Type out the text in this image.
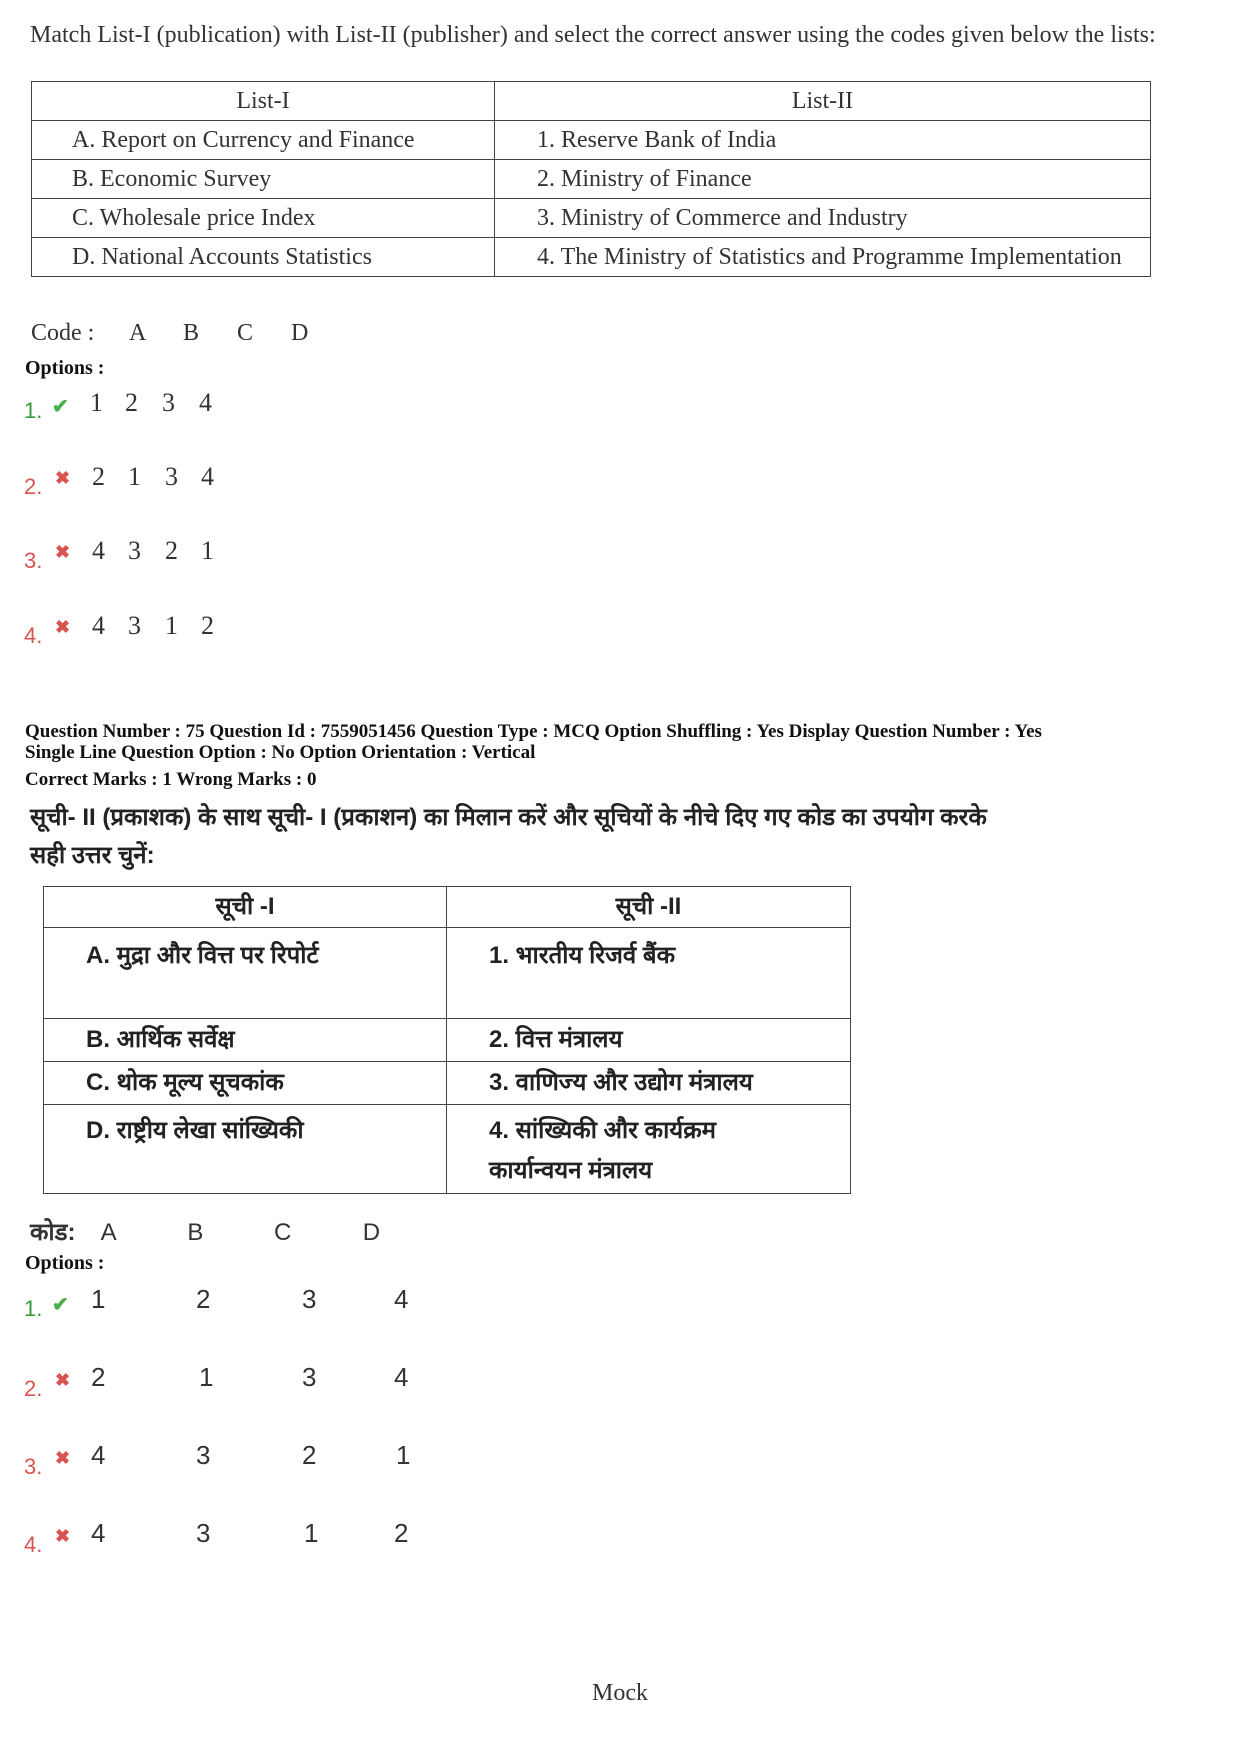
Match List-I (publication) with List-II (publisher) and select the correct answer using the codes given below the lists:
List-I	List-II
A. Report on Currency and Finance	1. Reserve Bank of India
B. Economic Survey	2. Ministry of Finance
C. Wholesale price Index	3. Ministry of Commerce and Industry
D. National Accounts Statistics	4. The Ministry of Statistics and Programme Implementation
Code : A B C D
Options :
1. ✔ 1 2 3 4
2. ✖ 2 1 3 4
3. ✖ 4 3 2 1
4. ✖ 4 3 1 2
Question Number : 75 Question Id : 7559051456 Question Type : MCQ Option Shuffling : Yes Display Question Number : Yes
Single Line Question Option : No Option Orientation : Vertical
Correct Marks : 1 Wrong Marks : 0
सूची- II (प्रकाशक) के साथ सूची- I (प्रकाशन) का मिलान करें और सूचियों के नीचे दिए गए कोड का उपयोग करके
सही उत्तर चुनें:
सूची -I	सूची -II
A. मुद्रा और वित्त पर रिपोर्ट	1. भारतीय रिजर्व बैंक

B. आर्थिक सर्वेक्ष	2. वित्त मंत्रालय
C. थोक मूल्य सूचकांक	3. वाणिज्य और उद्योग मंत्रालय
D. राष्ट्रीय लेखा सांख्यिकी	4. सांख्यिकी और कार्यक्रम कार्यान्वयन मंत्रालय
कोड: A	B	C	D
Options :
1. ✔ 1	2	3	4
2. ✖ 2	1	3	4
3. ✖ 4	3	2	1
4. ✖ 4	3	1	2
Mock
